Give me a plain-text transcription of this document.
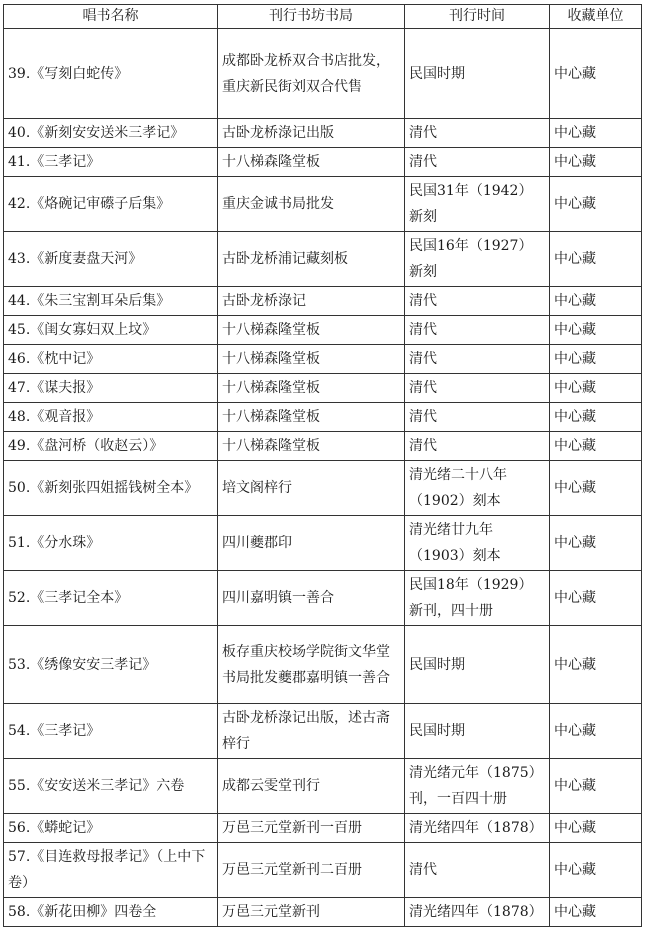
唱书名称	刊行书坊书局	刊行时间	收藏单位
39.《写刻白蛇传》	成都卧龙桥双合书店批发，重庆新民街刘双合代售	民国时期	中心藏
40.《新刻安安送米三孝记》	古卧龙桥淥记出版	清代	中心藏
41.《三孝记》	十八梯森隆堂板	清代	中心藏
42.《烙碗记审礤子后集》	重庆金诚书局批发	民国31年（1942）新刻	中心藏
43.《新度妻盘天河》	古卧龙桥浦记藏刻板	民国16年（1927）新刻	中心藏
44.《朱三宝割耳朵后集》	古卧龙桥淥记	清代	中心藏
45.《闺女寡妇双上坟》	十八梯森隆堂板	清代	中心藏
46.《枕中记》	十八梯森隆堂板	清代	中心藏
47.《谋夫报》	十八梯森隆堂板	清代	中心藏
48.《观音报》	十八梯森隆堂板	清代	中心藏
49.《盘河桥（收赵云）》	十八梯森隆堂板	清代	中心藏
50.《新刻张四姐摇钱树全本》	培文阁梓行	清光绪二十八年（1902）刻本	中心藏
51.《分水珠》	四川夔郡印	清光绪廿九年（1903）刻本	中心藏
52.《三孝记全本》	四川嘉明镇一善合	民国18年（1929）新刊，四十册	中心藏
53.《绣像安安三孝记》	板存重庆校场学院街文华堂书局批发夔郡嘉明镇一善合	民国时期	中心藏
54.《三孝记》	古卧龙桥淥记出版，述古斋梓行	民国时期	中心藏
55.《安安送米三孝记》六卷	成都云雯堂刊行	清光绪元年（1875）刊，一百四十册	中心藏
56.《蟒蛇记》	万邑三元堂新刊一百册	清光绪四年（1878）	中心藏
57.《目连救母报孝记》（上中下卷）	万邑三元堂新刊二百册	清代	中心藏
58.《新花田柳》四卷全	万邑三元堂新刊	清光绪四年（1878）	中心藏
